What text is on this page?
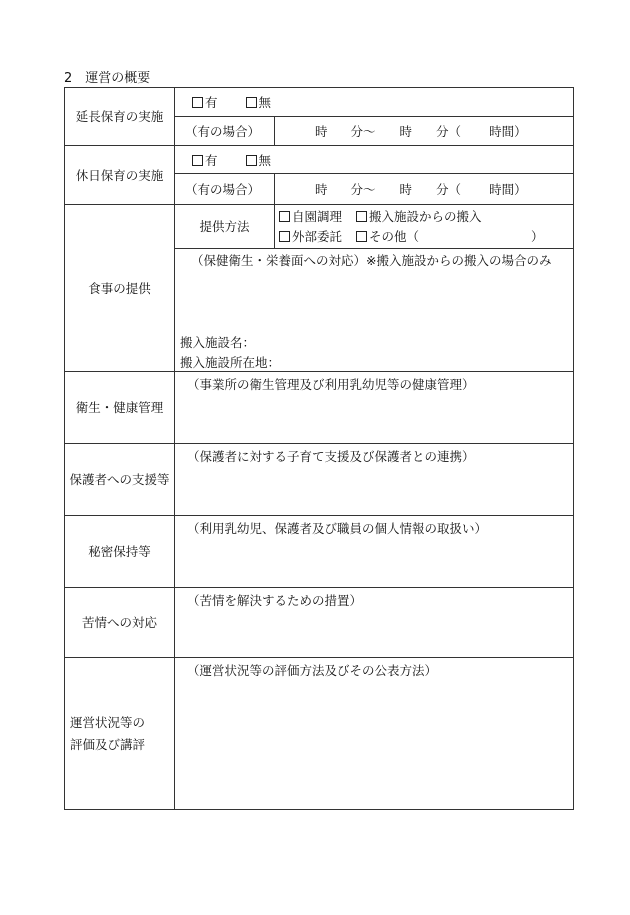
2　運営の概要
延長保育の実施	有 無	
	（有の場合）	時 分～ 時 分（ 時間）
休日保育の実施	有 無	
	（有の場合）	時 分～ 時 分（ 時間）
食事の提供	提供方法	自園調理 搬入施設からの搬入
外部委託 その他（ ）

	（保健衛生・栄養面への対応）※搬入施設からの搬入の場合のみ
搬入施設名：
搬入施設所在地：	

衛生・健康管理	（事業所の衛生管理及び利用乳幼児等の健康管理）	
保護者への支援等	（保護者に対する子育て支援及び保護者との連携）	
秘密保持等	（利用乳幼児、保護者及び職員の個人情報の取扱い）	
苦情への対応	（苦情を解決するための措置）	

運営状況等の
評価及び講評	（運営状況等の評価方法及びその公表方法）	
